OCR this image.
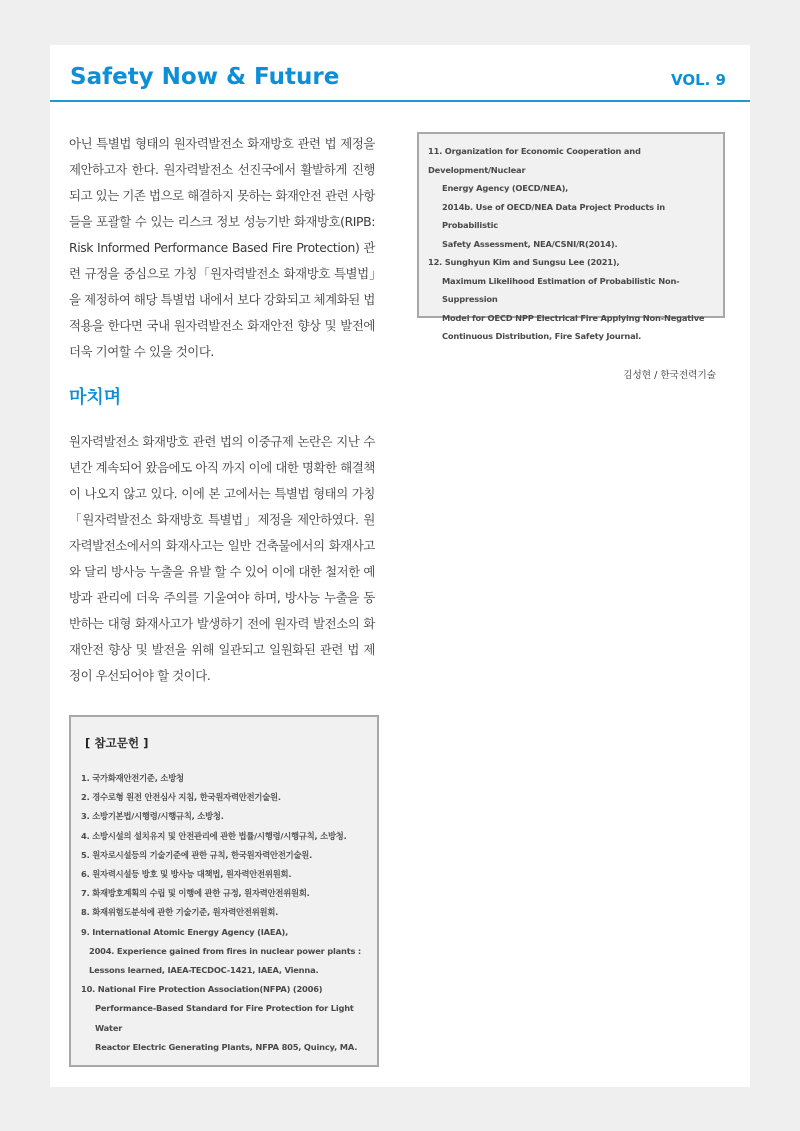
Safety Now & Future	VOL. 9
아닌 특별법 형태의 원자력발전소 화재방호 관련 법 제정을 제안하고자 한다. 원자력발전소 선진국에서 활발하게 진행되고 있는 기존 법으로 해결하지 못하는 화재안전 관련 사항들을 포괄할 수 있는 리스크 정보 성능기반 화재방호(RIPB: Risk Informed Performance Based Fire Protection) 관련 규정을 중심으로 가칭「원자력발전소 화재방호 특별법」을 제정하여 해당 특별법 내에서 보다 강화되고 체계화된 법적용을 한다면 국내 원자력발전소 화재안전 향상 및 발전에 더욱 기여할 수 있을 것이다.
마치며
원자력발전소 화재방호 관련 법의 이중규제 논란은 지난 수년간 계속되어 왔음에도 아직 까지 이에 대한 명확한 해결책이 나오지 않고 있다. 이에 본 고에서는 특별법 형태의 가칭「원자력발전소 화재방호 특별법」제정을 제안하였다. 원자력발전소에서의 화재사고는 일반 건축물에서의 화재사고 와 달리 방사능 누출을 유발 할 수 있어 이에 대한 철저한 예방과 관리에 더욱 주의를 기울여야 하며, 방사능 누출을 동반하는 대형 화재사고가 발생하기 전에 원자력 발전소의 화재안전 향상 및 발전을 위해 일관되고 일원화된 관련 법 제정이 우선되어야 할 것이다.
[ 참고문헌 ]
1. 국가화재안전기준, 소방청
2. 경수로형 원전 안전심사 지침, 한국원자력안전기술원.
3. 소방기본법/시행령/시행규칙, 소방청.
4. 소방시설의 설치유지 및 안전관리에 관한 법률/시행령/시행규칙, 소방청.
5. 원자로시설등의 기술기준에 관한 규칙, 한국원자력안전기술원.
6. 원자력시설등 방호 및 방사능 대책법, 원자력안전위원회.
7. 화재방호계획의 수립 및 이행에 관한 규정, 원자력안전위원회.
8. 화재위험도분석에 관한 기술기준, 원자력안전위원회.
9. International Atomic Energy Agency (IAEA),

2004. Experience gained from fires in nuclear power plants :
Lessons learned, IAEA-TECDOC-1421, IAEA, Vienna.
10. National Fire Protection Association(NFPA) (2006)

Performance-Based Standard for Fire Protection for Light Water
Reactor Electric Generating Plants, NFPA 805, Quincy, MA.
11. Organization for Economic Cooperation and Development/Nuclear

Energy Agency (OECD/NEA),
2014b. Use of OECD/NEA Data Project Products in Probabilistic
Safety Assessment, NEA/CSNI/R(2014).
12. Sunghyun Kim and Sungsu Lee (2021),

Maximum Likelihood Estimation of Probabilistic Non-Suppression
Model for OECD NPP Electrical Fire Applying Non-Negative
Continuous Distribution, Fire Safety Journal.
김성현 / 한국전력기술
